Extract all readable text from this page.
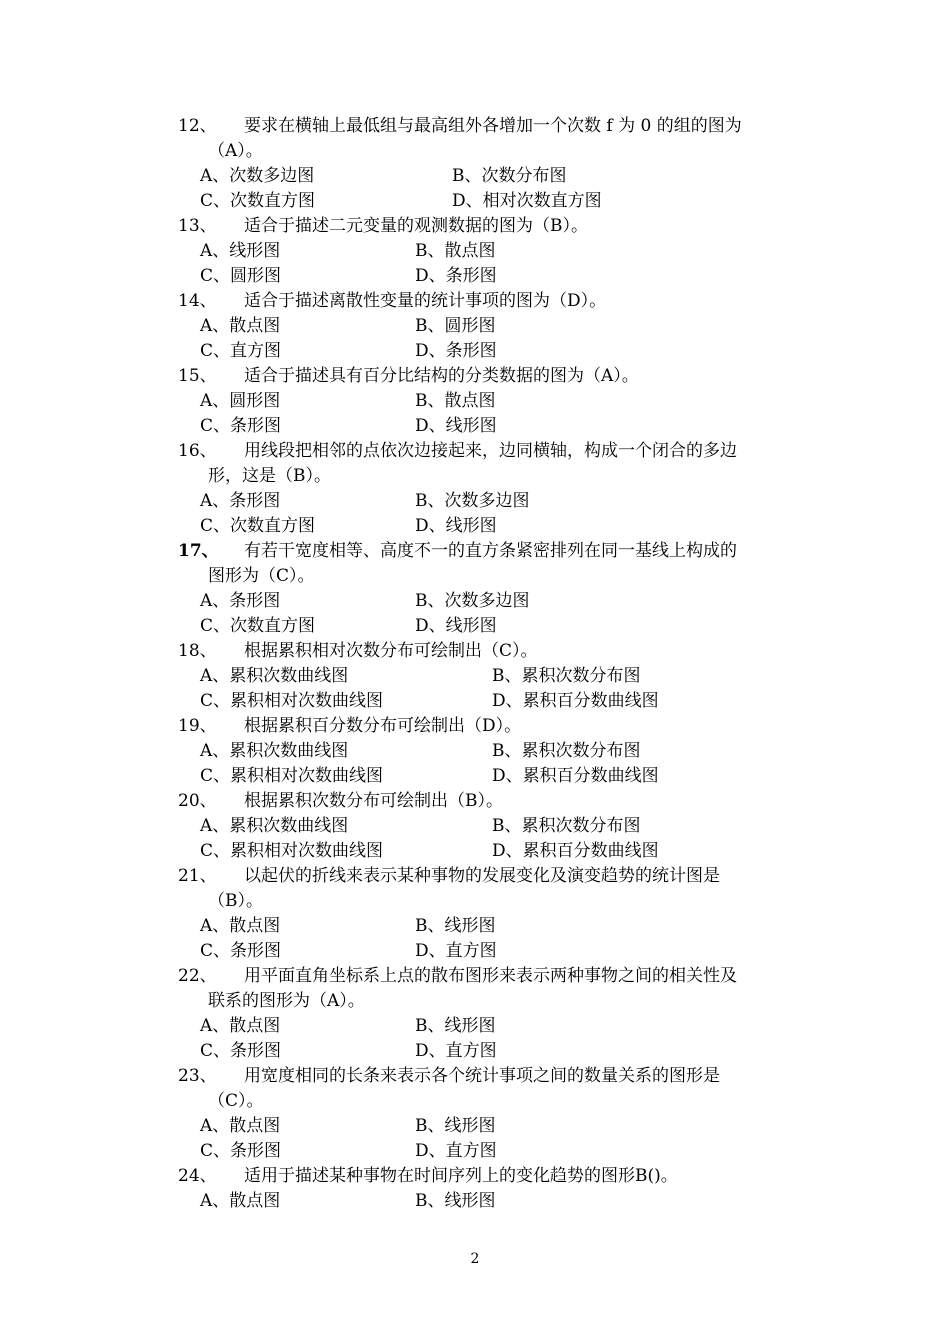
12、 要求在横轴上最低组与最高组外各增加一个次数 f 为 0 的组的图为
（A）。
A、次数多边图	B、次数分布图
C、次数直方图	D、相对次数直方图
13、 适合于描述二元变量的观测数据的图为（B）。
A、线形图	B、散点图
C、圆形图	D、条形图
14、 适合于描述离散性变量的统计事项的图为（D）。
A、散点图	B、圆形图
C、直方图	D、条形图
15、 适合于描述具有百分比结构的分类数据的图为（A）。
A、圆形图	B、散点图
C、条形图	D、线形图
16、 用线段把相邻的点依次边接起来，边同横轴，构成一个闭合的多边
形，这是（B）。
A、条形图	B、次数多边图
C、次数直方图	D、线形图
17、 有若干宽度相等、高度不一的直方条紧密排列在同一基线上构成的
图形为（C）。
A、条形图	B、次数多边图
C、次数直方图	D、线形图
18、 根据累积相对次数分布可绘制出（C）。
A、累积次数曲线图	B、累积次数分布图
C、累积相对次数曲线图	D、累积百分数曲线图
19、 根据累积百分数分布可绘制出（D）。
A、累积次数曲线图	B、累积次数分布图
C、累积相对次数曲线图	D、累积百分数曲线图
20、 根据累积次数分布可绘制出（B）。
A、累积次数曲线图	B、累积次数分布图
C、累积相对次数曲线图	D、累积百分数曲线图
21、 以起伏的折线来表示某种事物的发展变化及演变趋势的统计图是
（B）。
A、散点图	B、线形图
C、条形图	D、直方图
22、 用平面直角坐标系上点的散布图形来表示两种事物之间的相关性及
联系的图形为（A）。
A、散点图	B、线形图
C、条形图	D、直方图
23、 用宽度相同的长条来表示各个统计事项之间的数量关系的图形是
（C）。
A、散点图	B、线形图
C、条形图	D、直方图
24、 适用于描述某种事物在时间序列上的变化趋势的图形B()。
A、散点图	B、线形图
2
